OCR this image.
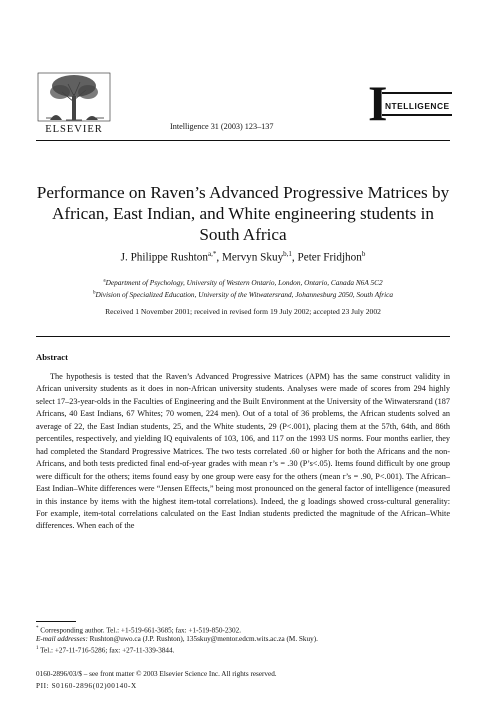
ELSEVIER	Intelligence 31 (2003) 123–137 I
NTELLIGENCE
Performance on Raven’s Advanced Progressive Matrices by African, East Indian, and White engineering students in South Africa
J. Philippe Rushton$^{a,*}$, Mervyn Skuy$^{b,1}$, Peter Fridjhon$^b$
$^a$Department of Psychology, University of Western Ontario, London, Ontario, Canada N6A 5C2
$^b$Division of Specialized Education, University of the Witwatersrand, Johannesburg 2050, South Africa
Received 1 November 2001; received in revised form 19 July 2002; accepted 23 July 2002
Abstract
The hypothesis is tested that the Raven’s Advanced Progressive Matrices (APM) has the same construct validity in African university students as it does in non-African university students. Analyses were made of scores from 294 highly select 17–23-year-olds in the Faculties of Engineering and the Built Environment at the University of the Witwatersrand (187 Africans, 40 East Indians, 67 Whites; 70 women, 224 men). Out of a total of 36 problems, the African students solved an average of 22, the East Indian students, 25, and the White students, 29 (P<.001), placing them at the 57th, 64th, and 86th percentiles, respectively, and yielding IQ equivalents of 103, 106, and 117 on the 1993 US norms. Four months earlier, they had completed the Standard Progressive Matrices. The two tests correlated .60 or higher for both the Africans and the non-Africans, and both tests predicted final end-of-year grades with mean r’s = .30 (P’s<.05). Items found difficult by one group were difficult for the others; items found easy by one group were easy for the others (mean r’s = .90, P<.001). The African–East Indian–White differences were “Jensen Effects,” being most pronounced on the general factor of intelligence (measured in this instance by items with the highest item-total correlations). Indeed, the g loadings showed cross-cultural generality: For example, item-total correlations calculated on the East Indian students predicted the magnitude of the African–White differences. When each of the
* Corresponding author. Tel.: +1-519-661-3685; fax: +1-519-850-2302.
E-mail addresses: Rushton@uwo.ca (J.P. Rushton), 135skuy@mentor.edcm.wits.ac.za (M. Skuy).
$^1$ Tel.: +27-11-716-5286; fax: +27-11-339-3844.
0160-2896/03/$ – see front matter © 2003 Elsevier Science Inc. All rights reserved.
PII: S0160-2896(02)00140-X
